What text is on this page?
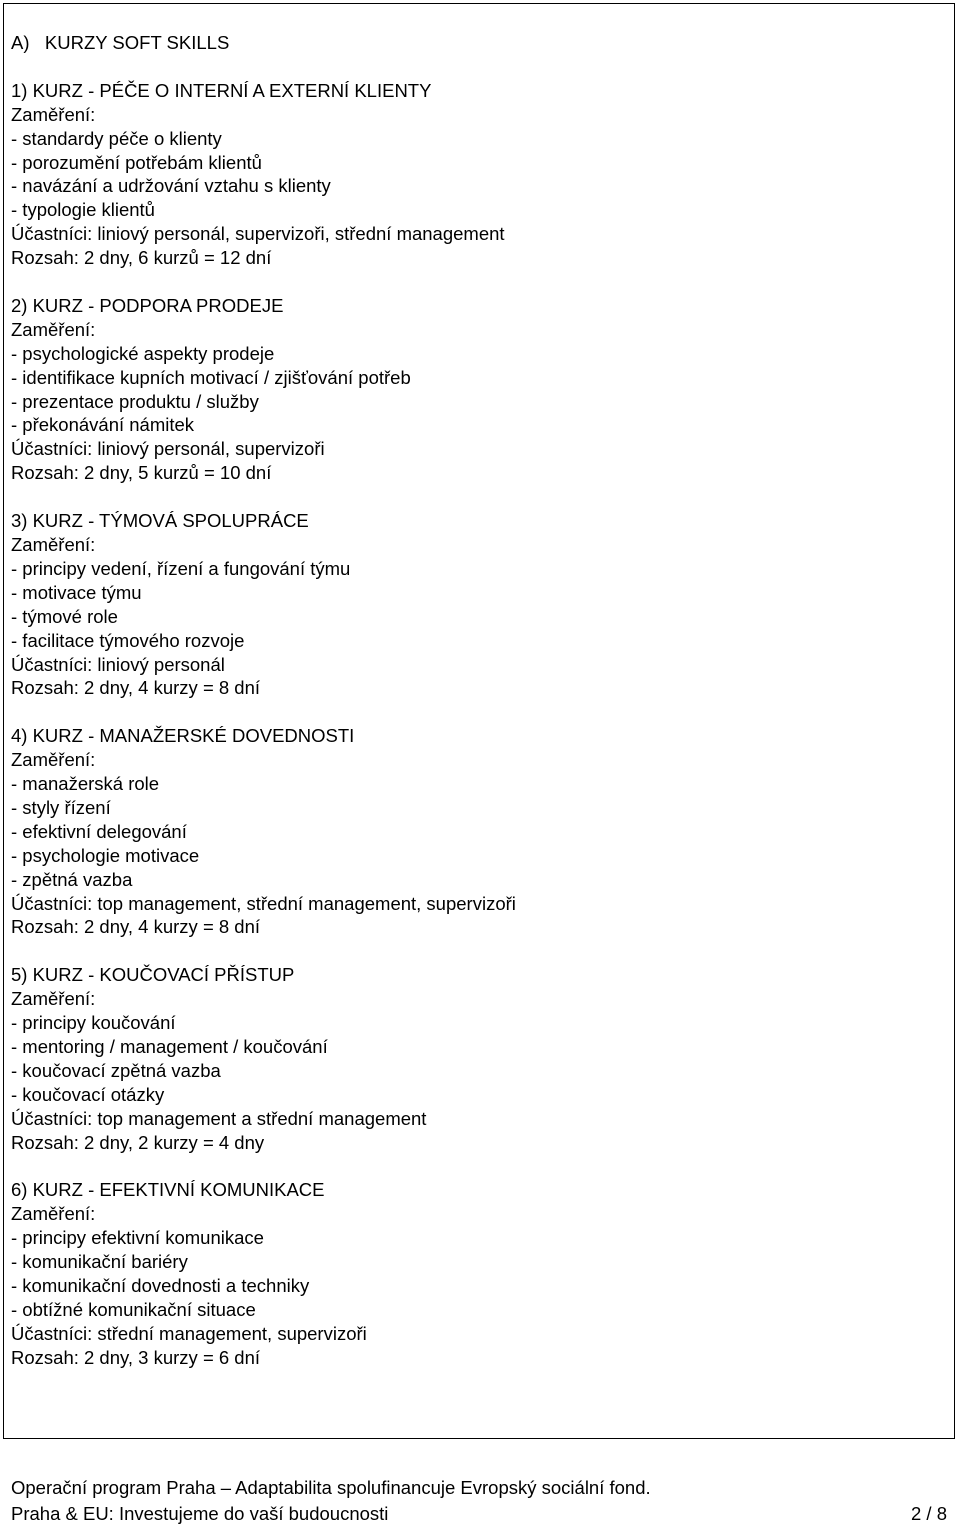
A)   KURZY SOFT SKILLS
1) KURZ - PÉČE O INTERNÍ A EXTERNÍ KLIENTY
Zaměření:
- standardy péče o klienty
- porozumění potřebám klientů
- navázání a udržování vztahu s klienty
- typologie klientů
Účastníci: liniový personál, supervizoři, střední management
Rozsah: 2 dny, 6 kurzů = 12 dní
2) KURZ - PODPORA PRODEJE
Zaměření:
- psychologické aspekty prodeje
- identifikace kupních motivací / zjišťování potřeb
- prezentace produktu / služby
- překonávání námitek
Účastníci: liniový personál, supervizoři
Rozsah: 2 dny, 5 kurzů = 10 dní
3) KURZ - TÝMOVÁ SPOLUPRÁCE
Zaměření:
- principy vedení, řízení a fungování týmu
- motivace týmu
- týmové role
- facilitace týmového rozvoje
Účastníci: liniový personál
Rozsah: 2 dny, 4 kurzy = 8 dní
4) KURZ - MANAŽERSKÉ DOVEDNOSTI
Zaměření:
- manažerská role
- styly řízení
- efektivní delegování
- psychologie motivace
- zpětná vazba
Účastníci: top management, střední management, supervizoři
Rozsah: 2 dny, 4 kurzy = 8 dní
5) KURZ - KOUČOVACÍ PŘÍSTUP
Zaměření:
- principy koučování
- mentoring / management / koučování
- koučovací zpětná vazba
- koučovací otázky
Účastníci: top management a střední management
Rozsah: 2 dny, 2 kurzy = 4 dny
6) KURZ - EFEKTIVNÍ KOMUNIKACE
Zaměření:
- principy efektivní komunikace
- komunikační bariéry
- komunikační dovednosti a techniky
- obtížné komunikační situace
Účastníci: střední management, supervizoři
Rozsah: 2 dny, 3 kurzy = 6 dní
Operační program Praha – Adaptabilita spolufinancuje Evropský sociální fond.
Praha & EU: Investujeme do vaší budoucnosti	2 / 8
